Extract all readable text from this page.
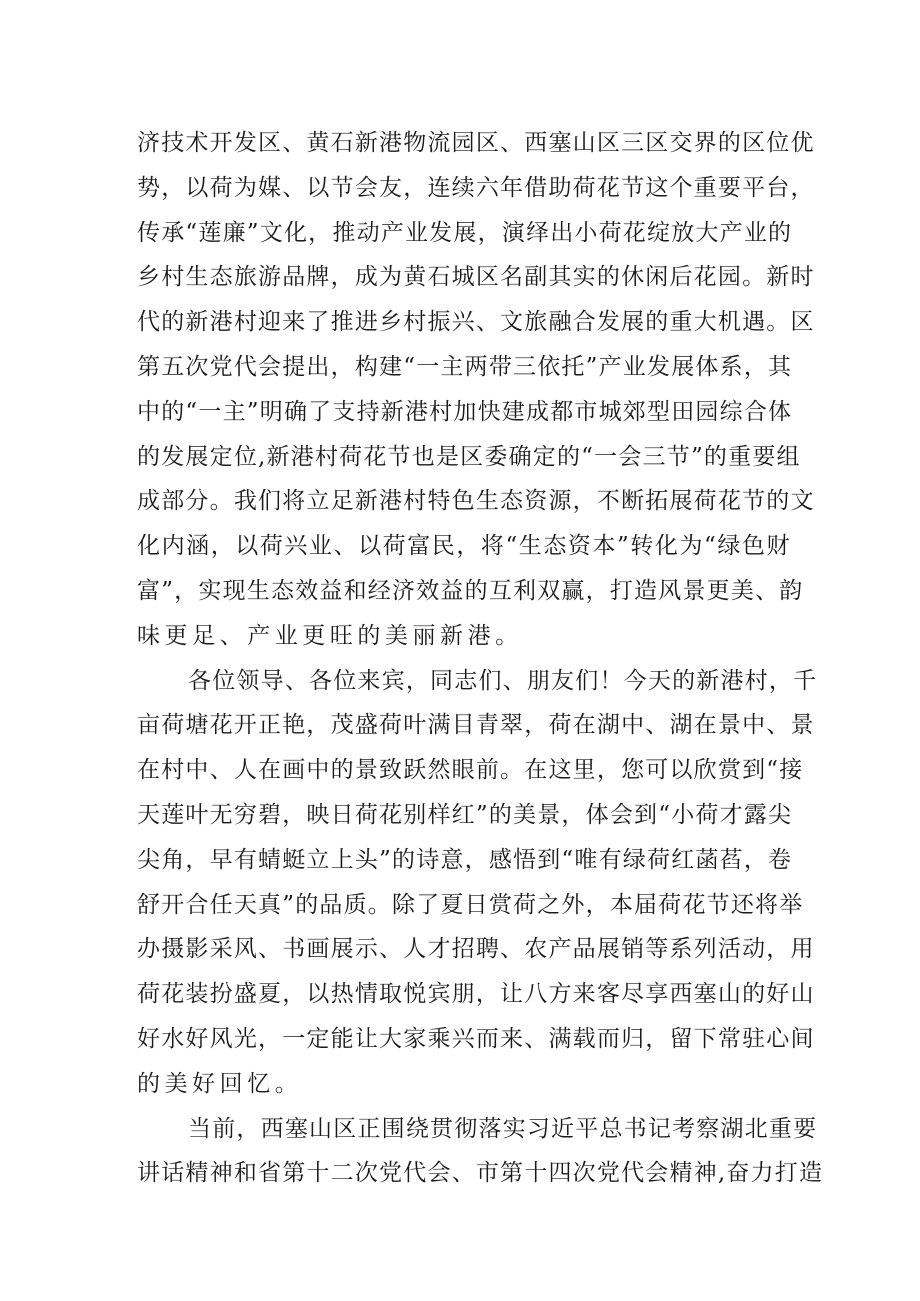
济 技 术 开 发 区 、 黄 石 新 港 物 流 园 区 、 西 塞 山 区 三 区 交 界 的 区 位 优
势 ， 以 荷 为 媒 、 以 节 会 友 ， 连 续 六 年 借 助 荷 花 节 这 个 重 要 平 台 ，
传 承 “ 莲 廉 ” 文 化 ， 推 动 产 业 发 展 ， 演 绎 出 小 荷 花 绽 放 大 产 业 的
乡 村 生 态 旅 游 品 牌 ， 成 为 黄 石 城 区 名 副 其 实 的 休 闲 后 花 园 。 新 时
代 的 新 港 村 迎 来 了 推 进 乡 村 振 兴 、 文 旅 融 合 发 展 的 重 大 机 遇 。 区
第 五 次 党 代 会 提 出 ， 构 建 “ 一 主 两 带 三 依 托 ” 产 业 发 展 体 系 ， 其
中 的 “ 一 主 ” 明 确 了 支 持 新 港 村 加 快 建 成 都 市 城 郊 型 田 园 综 合 体
的 发 展 定 位 , 新 港 村 荷 花 节 也 是 区 委 确 定 的 “ 一 会 三 节 ” 的 重 要 组
成 部 分 。 我 们 将 立 足 新 港 村 特 色 生 态 资 源 ， 不 断 拓 展 荷 花 节 的 文
化 内 涵 ， 以 荷 兴 业 、 以 荷 富 民 ， 将 “ 生 态 资 本 ” 转 化 为 “ 绿 色 财
富 ” ， 实 现 生 态 效 益 和 经 济 效 益 的 互 利 双 赢 ， 打 造 风 景 更 美 、 韵
味 更 足 、 产 业 更 旺 的 美 丽 新 港 。
各 位 领 导 、 各 位 来 宾 ， 同 志 们 、 朋 友 们 ！ 今 天 的 新 港 村 ， 千
亩 荷 塘 花 开 正 艳 ， 茂 盛 荷 叶 满 目 青 翠 ， 荷 在 湖 中 、 湖 在 景 中 、 景
在 村 中 、 人 在 画 中 的 景 致 跃 然 眼 前 。 在 这 里 ， 您 可 以 欣 赏 到 “ 接
天 莲 叶 无 穷 碧 ， 映 日 荷 花 别 样 红 ” 的 美 景 ， 体 会 到 “ 小 荷 才 露 尖
尖 角 ， 早 有 蜻 蜓 立 上 头 ” 的 诗 意 ， 感 悟 到 “ 唯 有 绿 荷 红 菡 萏 ， 卷
舒 开 合 任 天 真 ” 的 品 质 。 除 了 夏 日 赏 荷 之 外 ， 本 届 荷 花 节 还 将 举
办 摄 影 采 风 、 书 画 展 示 、 人 才 招 聘 、 农 产 品 展 销 等 系 列 活 动 ， 用
荷 花 装 扮 盛 夏 ， 以 热 情 取 悦 宾 朋 ， 让 八 方 来 客 尽 享 西 塞 山 的 好 山
好 水 好 风 光 ， 一 定 能 让 大 家 乘 兴 而 来 、 满 载 而 归 ， 留 下 常 驻 心 间
的 美 好 回 忆 。
当 前 ， 西 塞 山 区 正 围 绕 贯 彻 落 实 习 近 平 总 书 记 考 察 湖 北 重 要
讲 话 精 神 和 省 第 十 二 次 党 代 会 、 市 第 十 四 次 党 代 会 精 神 , 奋 力 打 造
